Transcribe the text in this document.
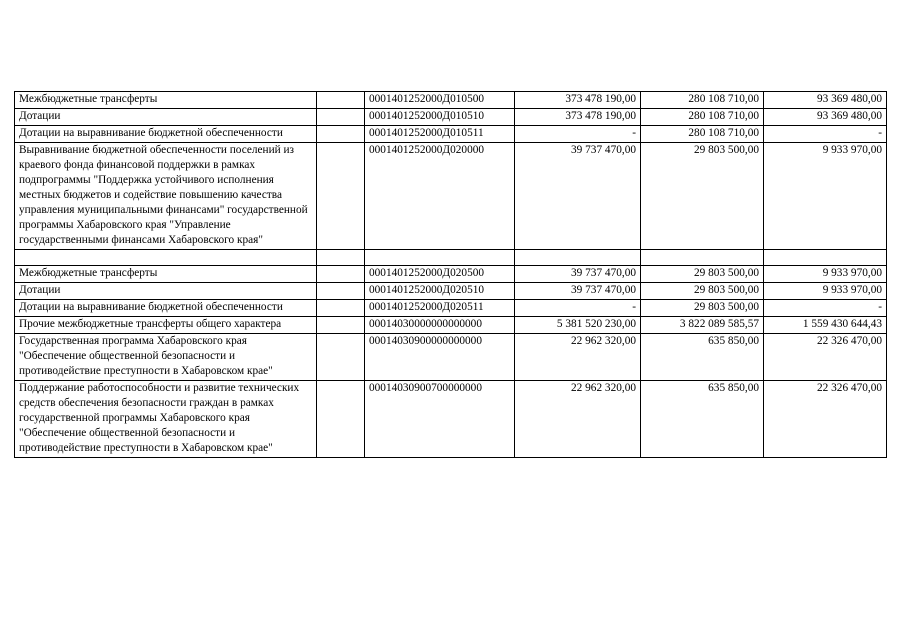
Межбюджетные трансферты		0001401252000Д010500	373 478 190,00	280 108 710,00	93 369 480,00
Дотации		0001401252000Д010510	373 478 190,00	280 108 710,00	93 369 480,00
Дотации на выравнивание бюджетной обеспеченности		0001401252000Д010511	-	280 108 710,00	-
Выравнивание бюджетной обеспеченности поселений из краевого фонда финансовой поддержки в рамках подпрограммы "Поддержка устойчивого исполнения местных бюджетов и содействие повышению качества управления муниципальными финансами" государственной программы Хабаровского края "Управление государственными финансами Хабаровского края"		0001401252000Д020000	39 737 470,00	29 803 500,00	9 933 970,00

Межбюджетные трансферты		0001401252000Д020500	39 737 470,00	29 803 500,00	9 933 970,00
Дотации		0001401252000Д020510	39 737 470,00	29 803 500,00	9 933 970,00
Дотации на выравнивание бюджетной обеспеченности		0001401252000Д020511	-	29 803 500,00	-
Прочие межбюджетные трансферты общего характера		00014030000000000000	5 381 520 230,00	3 822 089 585,57	1 559 430 644,43
Государственная программа Хабаровского края "Обеспечение общественной безопасности и противодействие преступности в Хабаровском крае"		00014030900000000000	22 962 320,00	635 850,00	22 326 470,00
Поддержание работоспособности и развитие технических средств обеспечения безопасности граждан в рамках государственной программы Хабаровского края "Обеспечение общественной безопасности и противодействие преступности в Хабаровском крае"		00014030900700000000	22 962 320,00	635 850,00	22 326 470,00
